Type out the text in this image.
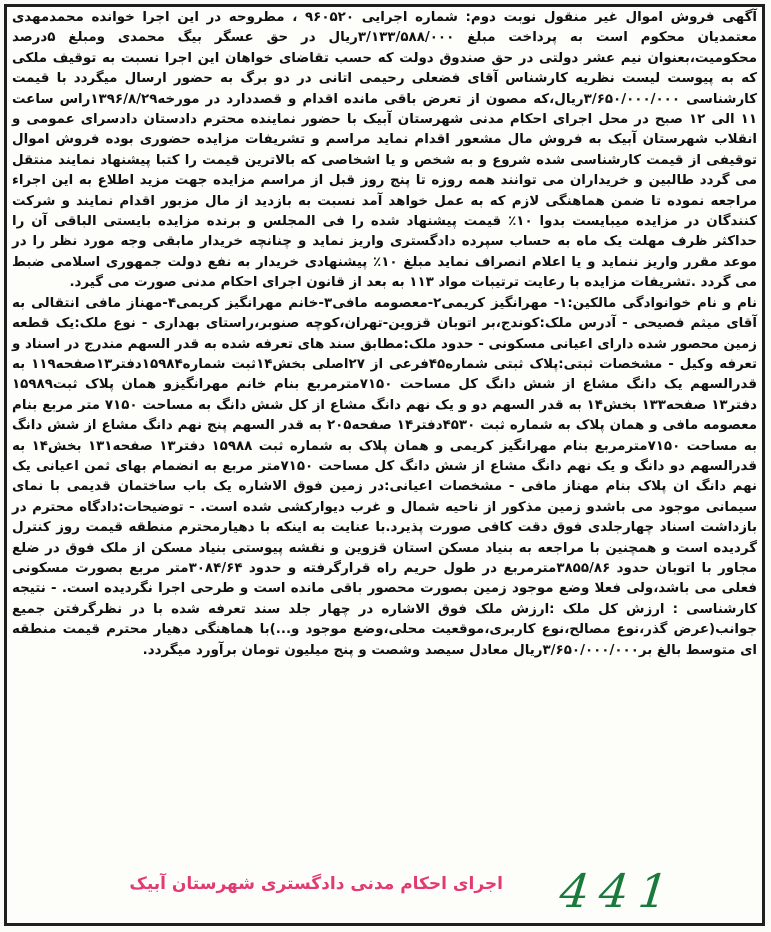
آگهی فروش اموال غیر منقول نوبت دوم: شماره اجرایی ۹۶۰۵۲۰ ، مطروحه در این اجرا خوانده محمدمهدی معتمدیان محکوم است به پرداخت مبلغ ۳/۱۳۳/۵۸۸/۰۰۰ریال در حق عسگر بیگ محمدی ومبلغ ۵درصد محکومیت،بعنوان نیم عشر دولتی در حق صندوق دولت که حسب تقاضای خواهان این اجرا نسبت به توقیف ملکی که به پیوست لیست نظریه کارشناس آقای فضعلی رحیمی اتانی در دو برگ به حضور ارسال میگردد با قیمت کارشناسی ۳/۶۵۰/۰۰۰/۰۰۰ریال،که مصون از تعرض باقی مانده اقدام و قصددارد در مورخه۱۳۹۶/۸/۲۹راس ساعت ۱۱ الی ۱۲ صبح در محل اجرای احکام مدنی شهرستان آبیک با حضور نماینده محترم دادستان دادسرای عمومی و انقلاب شهرستان آبیک به فروش مال مشعور اقدام نماید مراسم و تشریفات مزایده حضوری بوده فروش اموال توقیفی از قیمت کارشناسی شده شروع و به شخص و یا اشخاصی که بالاترین قیمت را کتبا پیشنهاد نمایند منتقل می گردد طالبین و خریداران می توانند همه روزه تا پنج روز قبل از مراسم مزایده جهت مزید اطلاع به این اجراء مراجعه نموده تا ضمن هماهنگی لازم که به عمل خواهد آمد نسبت به بازدید از مال مزبور اقدام نمایند و شرکت کنندگان در مزایده میبایست بدوا ۱۰٪ قیمت پیشنهاد شده را فی المجلس و برنده مزایده بایستی الباقی آن را حداکثر ظرف مهلت یک ماه به حساب سپرده دادگستری واریز نماید و چنانچه خریدار مابقی وجه مورد نظر را در موعد مقرر واریز ننماید و یا اعلام انصراف نماید مبلغ ۱۰٪ پیشنهادی خریدار به نفع دولت جمهوری اسلامی ضبط می گردد .تشریفات مزایده با رعایت ترتیبات مواد ۱۱۳ به بعد از قانون اجرای احکام مدنی صورت می گیرد.

نام و نام خوانوادگی مالکین:۱- مهرانگیز کریمی۲-معصومه مافی۳-خانم مهرانگیز کریمی۴-مهناز مافی انتقالی به آقای میثم فصیحی - آدرس ملک:کوندج،بر اتوبان قزوین-تهران،کوچه صنوبر،راستای بهداری - نوع ملک:یک قطعه زمین محصور شده دارای اعیانی مسکونی - حدود ملک:مطابق سند های تعرفه شده به قدر السهم مندرج در اسناد و تعرفه وکیل - مشخصات ثبتی:پلاک ثبتی شماره۴۵فرعی از ۲۷اصلی بخش۱۴ثبت شماره۱۵۹۸۴دفتر۱۳صفحه۱۱۹ به قدرالسهم یک دانگ مشاع از شش دانگ کل مساحت ۷۱۵۰مترمربع بنام خانم مهرانگیزو همان پلاک ثبت۱۵۹۸۹ دفتر۱۳ صفحه۱۳۳ بخش۱۴ به قدر السهم دو و یک نهم دانگ مشاع از کل شش دانگ به مساحت ۷۱۵۰ متر مربع بنام معصومه مافی و همان پلاک به شماره ثبت ۴۵۳۰دفتر۱۴ صفحه۲۰۵ به قدر السهم پنج نهم دانگ مشاع از شش دانگ به مساحت ۷۱۵۰مترمربع بنام مهرانگیز کریمی و همان پلاک به شماره ثبت ۱۵۹۸۸ دفتر۱۳ صفحه۱۳۱ بخش۱۴ به قدرالسهم دو دانگ و یک نهم دانگ مشاع از شش دانگ کل مساحت ۷۱۵۰متر مربع به انضمام بهای ثمن اعیانی یک نهم دانگ ان پلاک بنام مهناز مافی - مشخصات اعیانی:در زمین فوق الاشاره یک باب ساختمان قدیمی با نمای سیمانی موجود می باشدو زمین مذکور از ناحیه شمال و غرب دیوارکشی شده است. - توضیحات:دادگاه محترم در بازداشت اسناد چهارجلدی فوق دقت کافی صورت پذیرد.با عنایت به اینکه با دهیارمحترم منطقه قیمت روز کنترل گردیده است و همچنین با مراجعه به بنیاد مسکن استان قزوین و نقشه پیوستی بنیاد مسکن از ملک فوق در ضلع مجاور با اتوبان حدود ۳۸۵۵/۸۶مترمربع در طول حریم راه قرارگرفته و حدود ۳۰۸۴/۶۴متر مربع بصورت مسکونی فعلی می باشد،ولی فعلا وضع موجود زمین بصورت محصور باقی مانده است و طرحی اجرا نگردیده است. - نتیجه کارشناسی : ارزش کل ملک :ارزش ملک فوق الاشاره در چهار جلد سند تعرفه شده با در نظرگرفتن جمیع جوانب(عرض گذر،نوع مصالح،نوع کاربری،موقعیت محلی،وضع موجود و...)با هماهنگی دهیار محترم قیمت منطقه ای متوسط بالغ بر۳/۶۵۰/۰۰۰/۰۰۰ریال معادل سیصد وشصت و پنج میلیون تومان برآورد میگردد.

اجرای احکام مدنی دادگستری شهرستان آبیک 441
